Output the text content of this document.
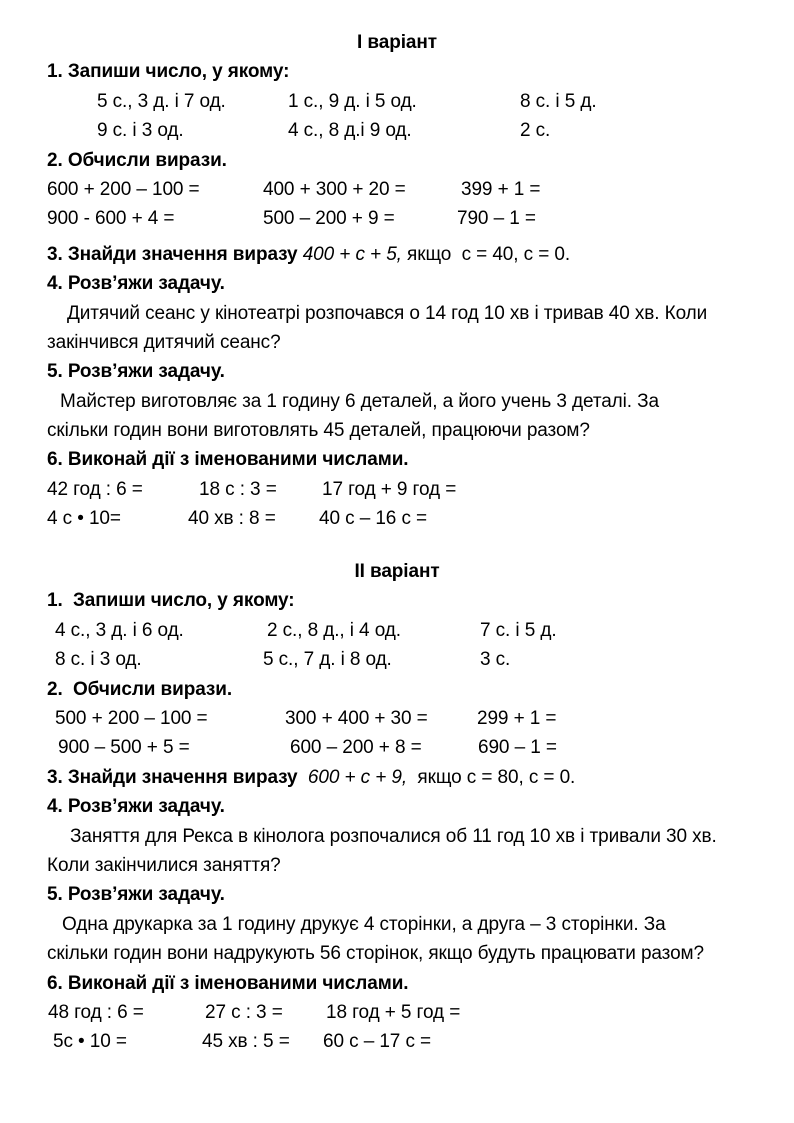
І варіант
1. Запиши число, у якому:
5 с., 3 д. і 7 од.	1 с., 9 д. і 5 од.	8 с. і 5 д.
9 с. і 3 од.	4 с., 8 д.і 9 од.	2 с.
2. Обчисли вирази.
600 + 200 – 100 =	400 + 300 + 20 =	399 + 1 =
900 - 600 + 4 =	500 – 200 + 9 =	790 – 1 =
3. Знайди значення виразу 400 + с + 5, якщо  с = 40, с = 0.
4. Розв’яжи задачу.
Дитячий сеанс у кінотеатрі розпочався о 14 год 10 хв і тривав 40 хв. Коли
закінчився дитячий сеанс?
5. Розв’яжи задачу.
Майстер виготовляє за 1 годину 6 деталей, а його учень 3 деталі. За
скільки годин вони виготовлять 45 деталей, працюючи разом?
6. Виконай дії з іменованими числами.
42 год : 6 =	18 с : 3 = 17 год + 9 год =
4 с • 10=	40 хв : 8 = 40 с – 16 с =
ІІ варіант
1.  Запиши число, у якому:
4 с., 3 д. і 6 од.	2 с., 8 д., і 4 од.	7 с. і 5 д.
8 с. і 3 од.	5 с., 7 д. і 8 од.	3 с.
2.  Обчисли вирази.
500 + 200 – 100 =	300 + 400 + 30 =	299 + 1 =
900 – 500 + 5 =	600 – 200 + 8 =	690 – 1 =
3. Знайди значення виразу  600 + с + 9,  якщо с = 80, с = 0.
4. Розв’яжи задачу.
Заняття для Рекса в кінолога розпочалися об 11 год 10 хв і тривали 30 хв.
Коли закінчилися заняття?
5. Розв’яжи задачу.
Одна друкарка за 1 годину друкує 4 сторінки, а друга – 3 сторінки. За
скільки годин вони надрукують 56 сторінок, якщо будуть працювати разом?
6. Виконай дії з іменованими числами.
48 год : 6 =	27 с : 3 = 18 год + 5 год =
5с • 10 =	45 хв : 5 = 60 с – 17 с =
